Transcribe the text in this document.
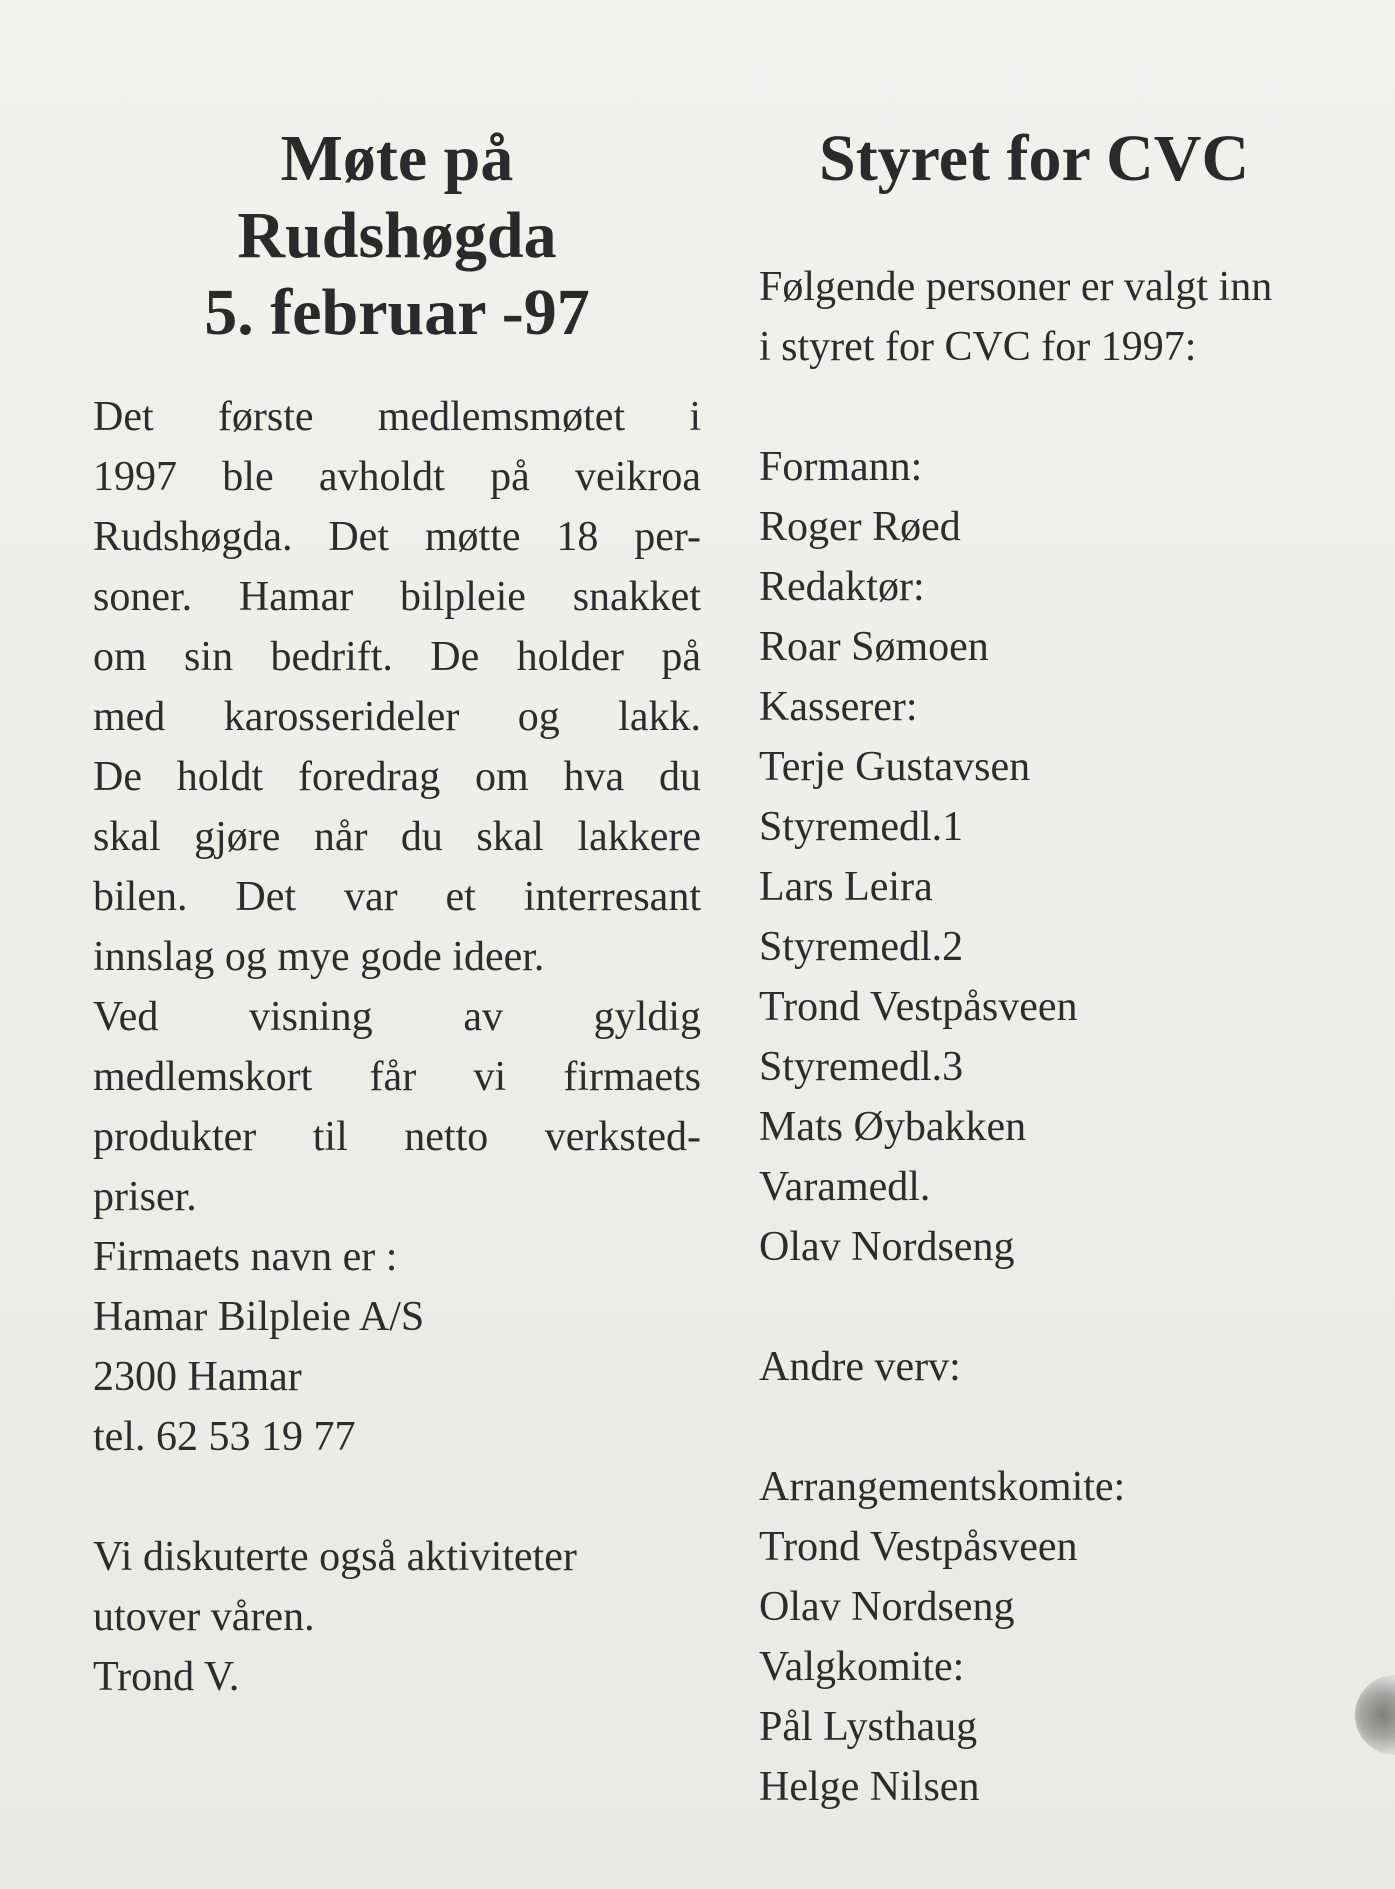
Møte på
Rudshøgda
5. februar -97
Det første medlemsmøtet i
1997 ble avholdt på veikroa
Rudshøgda. Det møtte 18 per-
soner. Hamar bilpleie snakket
om sin bedrift. De holder på
med karosserideler og lakk.
De holdt foredrag om hva du
skal gjøre når du skal lakkere
bilen. Det var et interresant
innslag og mye gode ideer.
Ved visning av gyldig
medlemskort får vi firmaets
produkter til netto verksted-
priser.
Firmaets navn er :
Hamar Bilpleie A/S
2300 Hamar
tel. 62 53 19 77
Vi diskuterte også aktiviteter
utover våren.
Trond V.
Styret for CVC
Følgende personer er valgt inn
i styret for CVC for 1997:
Formann:
Roger Røed
Redaktør:
Roar Sømoen
Kasserer:
Terje Gustavsen
Styremedl.1
Lars Leira
Styremedl.2
Trond Vestpåsveen
Styremedl.3
Mats Øybakken
Varamedl.
Olav Nordseng
Andre verv:
Arrangementskomite:
Trond Vestpåsveen
Olav Nordseng
Valgkomite:
Pål Lysthaug
Helge Nilsen
